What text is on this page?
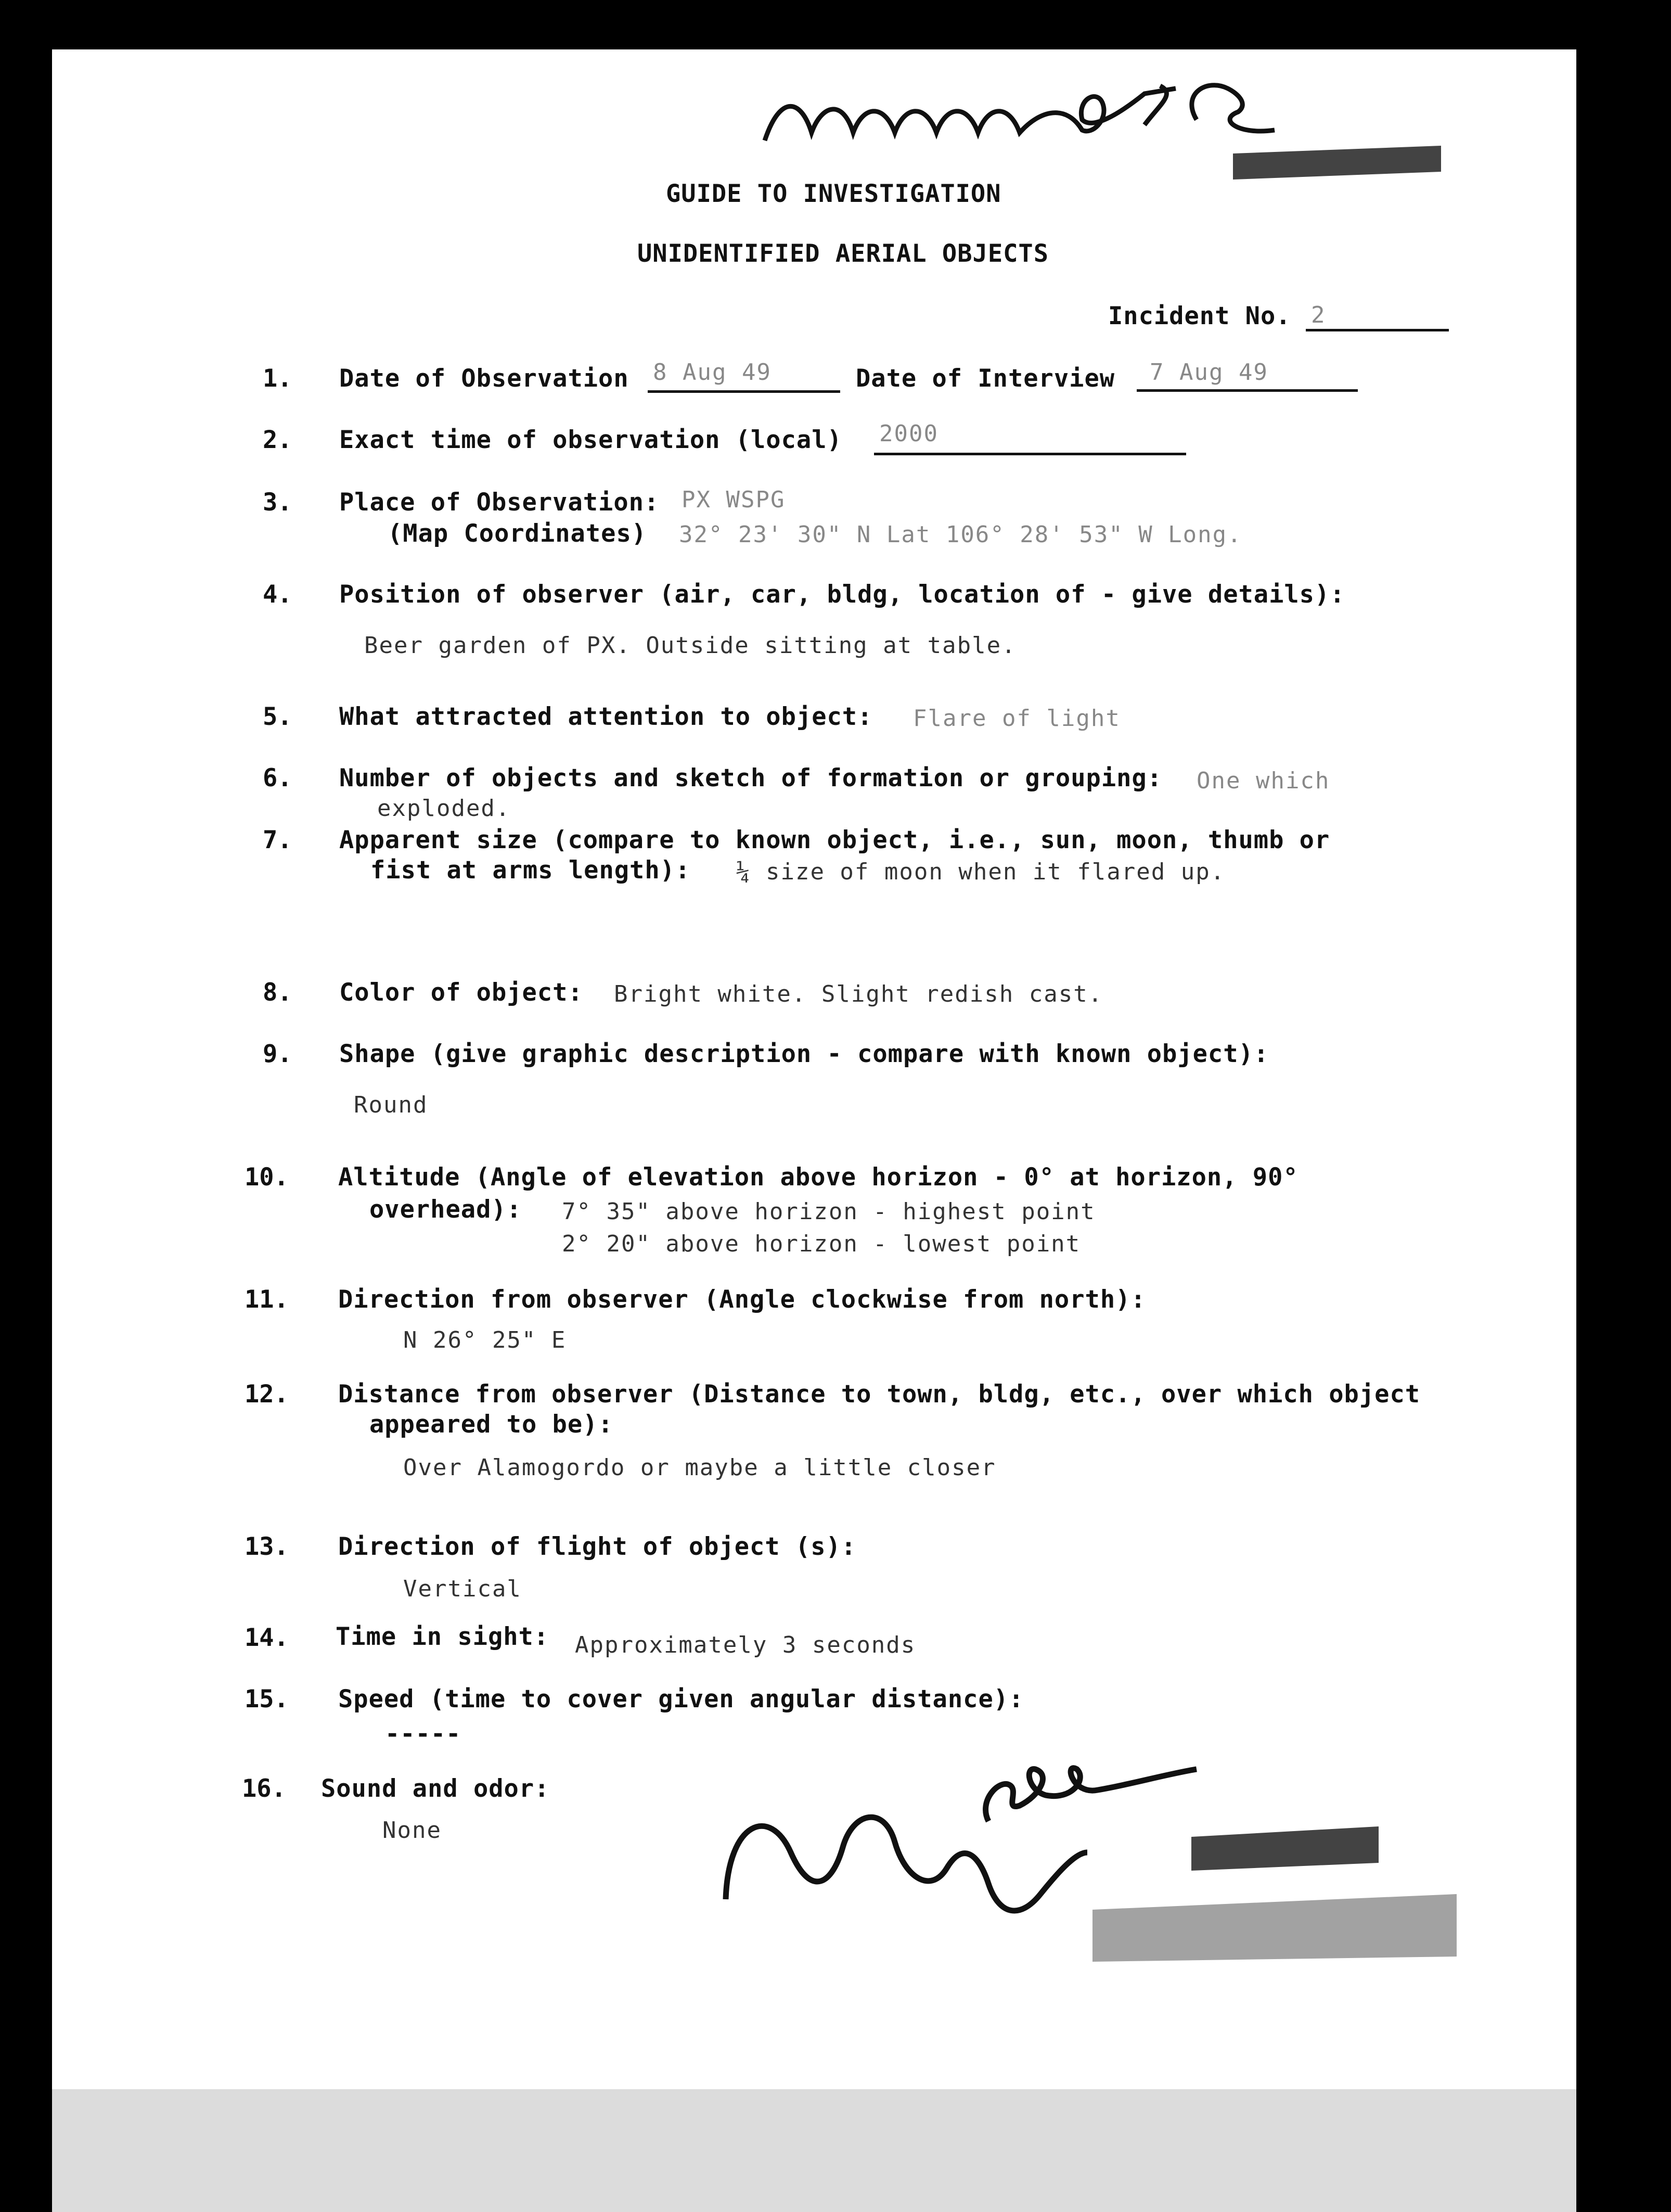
GUIDE TO INVESTIGATION
UNIDENTIFIED AERIAL OBJECTS
Incident No. 2
1. Date of Observation 8 Aug 49	Date of Interview 7 Aug 49
2. Exact time of observation (local) 2000
3. Place of Observation: PX WSPG
(Map Coordinates) 32° 23' 30" N Lat 106° 28' 53" W Long.
4. Position of observer (air, car, bldg, location of - give details):
Beer garden of PX. Outside sitting at table.
5. What attracted attention to object: Flare of light
6. Number of objects and sketch of formation or grouping: One which
exploded.
7. Apparent size (compare to known object, i.e., sun, moon, thumb or
fist at arms length): ¼ size of moon when it flared up.
8. Color of object: Bright white. Slight redish cast.
9. Shape (give graphic description - compare with known object):
Round
10. Altitude (Angle of elevation above horizon - 0° at horizon, 90°
overhead): 7° 35" above horizon - highest point
2° 20" above horizon - lowest point
11. Direction from observer (Angle clockwise from north):
N 26° 25" E
12. Distance from observer (Distance to town, bldg, etc., over which object
appeared to be):
Over Alamogordo or maybe a little closer
13. Direction of flight of object (s):
Vertical
14. Time in sight: Approximately 3 seconds
15. Speed (time to cover given angular distance):
-----
16. Sound and odor:
None
